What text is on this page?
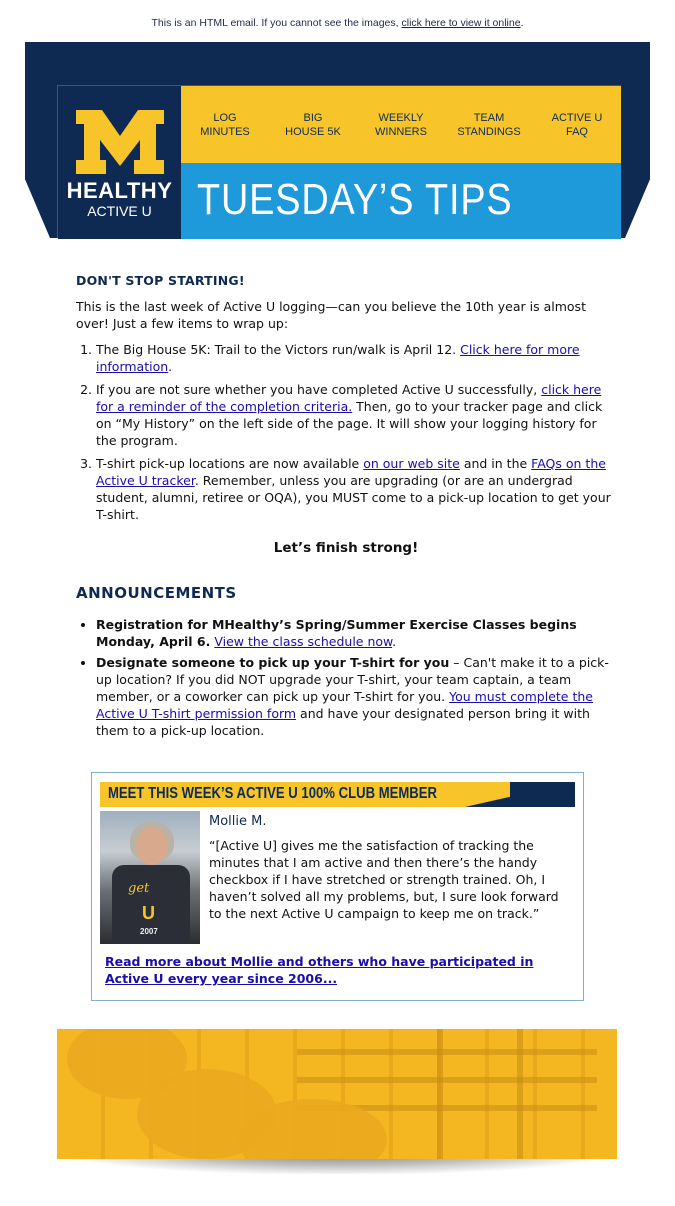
This is an HTML email. If you cannot see the images, click here to view it online.
HEALTHY
ACTIVE U
LOG
MINUTES
BIG
HOUSE 5K
WEEKLY
WINNERS
TEAM
STANDINGS
ACTIVE U
FAQ
TUESDAY’S TIPS
DON'T STOP STARTING!
This is the last week of Active U logging—can you believe the 10th year is almost over! Just a few items to wrap up:
1. The Big House 5K: Trail to the Victors run/walk is April 12. Click here for more information.
2. If you are not sure whether you have completed Active U successfully, click here for a reminder of the completion criteria. Then, go to your tracker page and click on “My History” on the left side of the page. It will show your logging history for the program.
3. T-shirt pick-up locations are now available on our web site and in the FAQs on the Active U tracker. Remember, unless you are upgrading (or are an undergrad student, alumni, retiree or OQA), you MUST come to a pick-up location to get your T-shirt.
Let’s finish strong!
ANNOUNCEMENTS
• Registration for MHealthy’s Spring/Summer Exercise Classes begins Monday, April 6. View the class schedule now.
• Designate someone to pick up your T-shirt for you – Can't make it to a pick-up location? If you did NOT upgrade your T-shirt, your team captain, a team member, or a coworker can pick up your T-shirt for you. You must complete the Active U T-shirt permission form and have your designated person bring it with them to a pick-up location.
MEET THIS WEEK’S ACTIVE U 100% CLUB MEMBER
get
U
2007
Mollie M.
“[Active U] gives me the satisfaction of tracking the minutes that I am active and then there’s the handy checkbox if I have stretched or strength trained. Oh, I haven’t solved all my problems, but, I sure look forward to the next Active U campaign to keep me on track.”
Read more about Mollie and others who have participated in Active U every year since 2006...
